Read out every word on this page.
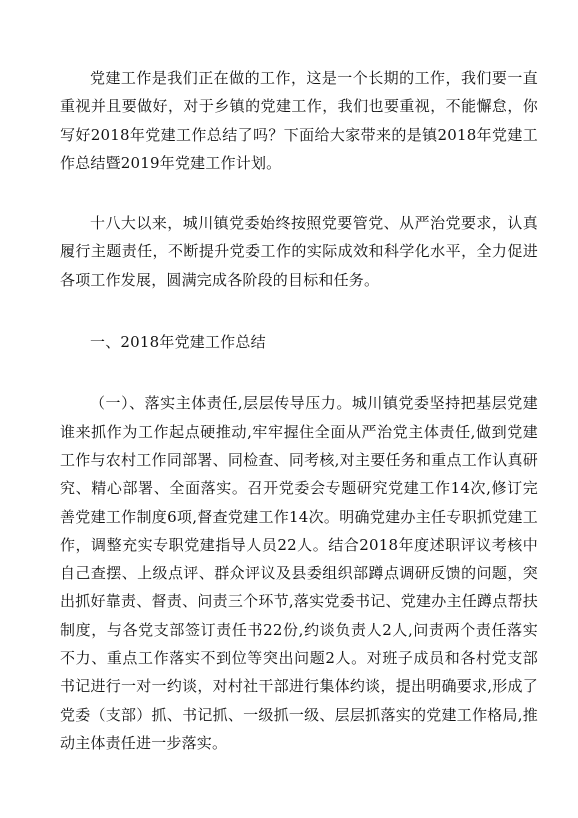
党建工作是我们正在做的工作，这是一个长期的工作，我们要一直重视并且要做好，对于乡镇的党建工作，我们也要重视，不能懈怠，你写好2018年党建工作总结了吗？下面给大家带来的是镇2018年党建工作总结暨2019年党建工作计划。

十八大以来，城川镇党委始终按照党要管党、从严治党要求，认真履行主题责任，不断提升党委工作的实际成效和科学化水平，全力促进各项工作发展，圆满完成各阶段的目标和任务。

一、2018年党建工作总结

（一）、落实主体责任,层层传导压力。城川镇党委坚持把基层党建谁来抓作为工作起点硬推动,牢牢握住全面从严治党主体责任,做到党建工作与农村工作同部署、同检查、同考核,对主要任务和重点工作认真研究、精心部署、全面落实。召开党委会专题研究党建工作14次,修订完善党建工作制度6项,督查党建工作14次。明确党建办主任专职抓党建工作，调整充实专职党建指导人员22人。结合2018年度述职评议考核中自己查摆、上级点评、群众评议及县委组织部蹲点调研反馈的问题，突出抓好靠责、督责、问责三个环节,落实党委书记、党建办主任蹲点帮扶制度，与各党支部签订责任书22份,约谈负责人2人,问责两个责任落实不力、重点工作落实不到位等突出问题2人。对班子成员和各村党支部书记进行一对一约谈，对村社干部进行集体约谈，提出明确要求,形成了党委（支部）抓、书记抓、一级抓一级、层层抓落实的党建工作格局,推动主体责任进一步落实。
